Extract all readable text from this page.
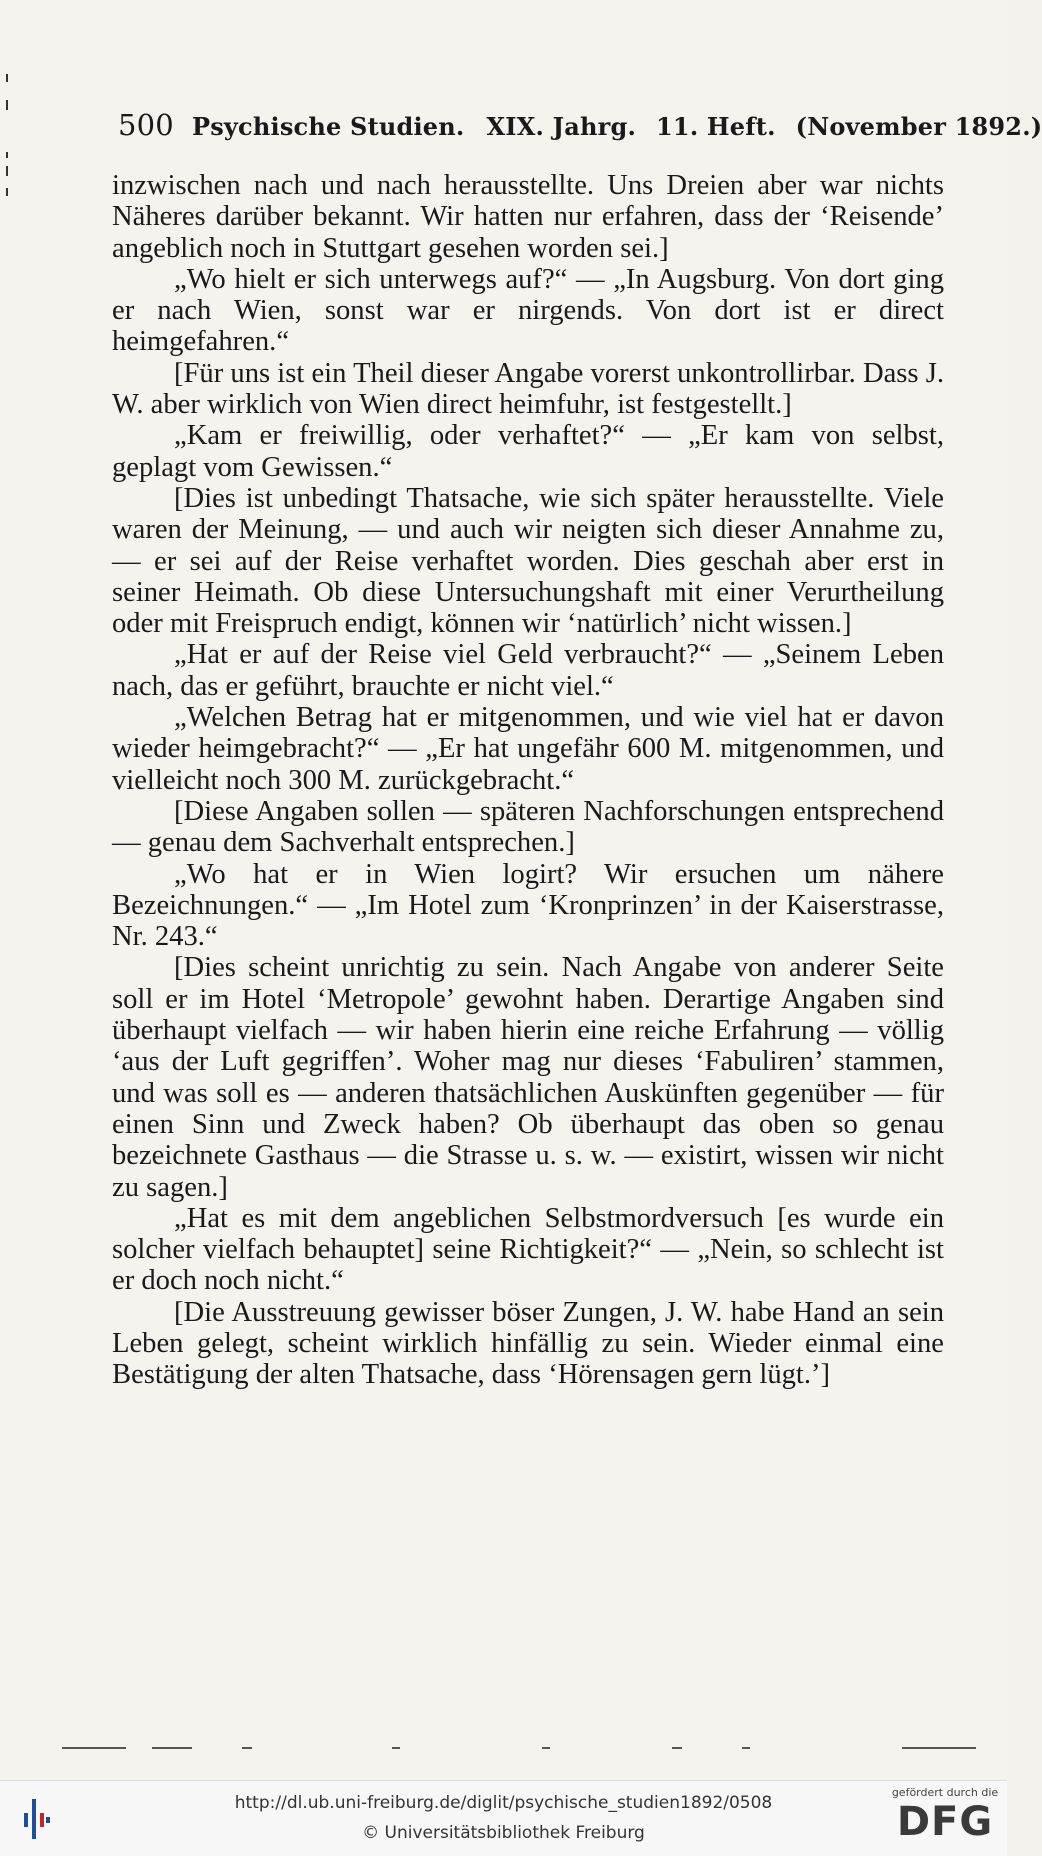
500 Psychische Studien. XIX. Jahrg. 11. Heft. (November 1892.)

inzwischen nach und nach herausstellte. Uns Dreien aber war nichts Näheres darüber bekannt. Wir hatten nur erfahren, dass der ‘Reisende’ angeblich noch in Stuttgart gesehen worden sei.]

„Wo hielt er sich unterwegs auf?“ — „In Augsburg. Von dort ging er nach Wien, sonst war er nirgends. Von dort ist er direct heimgefahren.“

[Für uns ist ein Theil dieser Angabe vorerst unkontrollirbar. Dass J. W. aber wirklich von Wien direct heimfuhr, ist festgestellt.]

„Kam er freiwillig, oder verhaftet?“ — „Er kam von selbst, geplagt vom Gewissen.“

[Dies ist unbedingt Thatsache, wie sich später herausstellte. Viele waren der Meinung, — und auch wir neigten sich dieser Annahme zu, — er sei auf der Reise verhaftet worden. Dies geschah aber erst in seiner Heimath. Ob diese Untersuchungshaft mit einer Verurtheilung oder mit Freispruch endigt, können wir ‘natürlich’ nicht wissen.]

„Hat er auf der Reise viel Geld verbraucht?“ — „Seinem Leben nach, das er geführt, brauchte er nicht viel.“

„Welchen Betrag hat er mitgenommen, und wie viel hat er davon wieder heimgebracht?“ — „Er hat ungefähr 600 M. mitgenommen, und vielleicht noch 300 M. zurückgebracht.“

[Diese Angaben sollen — späteren Nachforschungen entsprechend — genau dem Sachverhalt entsprechen.]

„Wo hat er in Wien logirt? Wir ersuchen um nähere Bezeichnungen.“ — „Im Hotel zum ‘Kronprinzen’ in der Kaiserstrasse, Nr. 243.“

[Dies scheint unrichtig zu sein. Nach Angabe von anderer Seite soll er im Hotel ‘Metropole’ gewohnt haben. Derartige Angaben sind überhaupt vielfach — wir haben hierin eine reiche Erfahrung — völlig ‘aus der Luft gegriffen’. Woher mag nur dieses ‘Fabuliren’ stammen, und was soll es — anderen thatsächlichen Auskünften gegenüber — für einen Sinn und Zweck haben? Ob überhaupt das oben so genau bezeichnete Gasthaus — die Strasse u. s. w. — existirt, wissen wir nicht zu sagen.]

„Hat es mit dem angeblichen Selbstmordversuch [es wurde ein solcher vielfach behauptet] seine Richtigkeit?“ — „Nein, so schlecht ist er doch noch nicht.“

[Die Ausstreuung gewisser böser Zungen, J. W. habe Hand an sein Leben gelegt, scheint wirklich hinfällig zu sein. Wieder einmal eine Bestätigung der alten Thatsache, dass ‘Hörensagen gern lügt.’]

http://dl.ub.uni-freiburg.de/diglit/psychische_studien1892/0508
© Universitätsbibliothek Freiburg
gefördert durch die
DFG
